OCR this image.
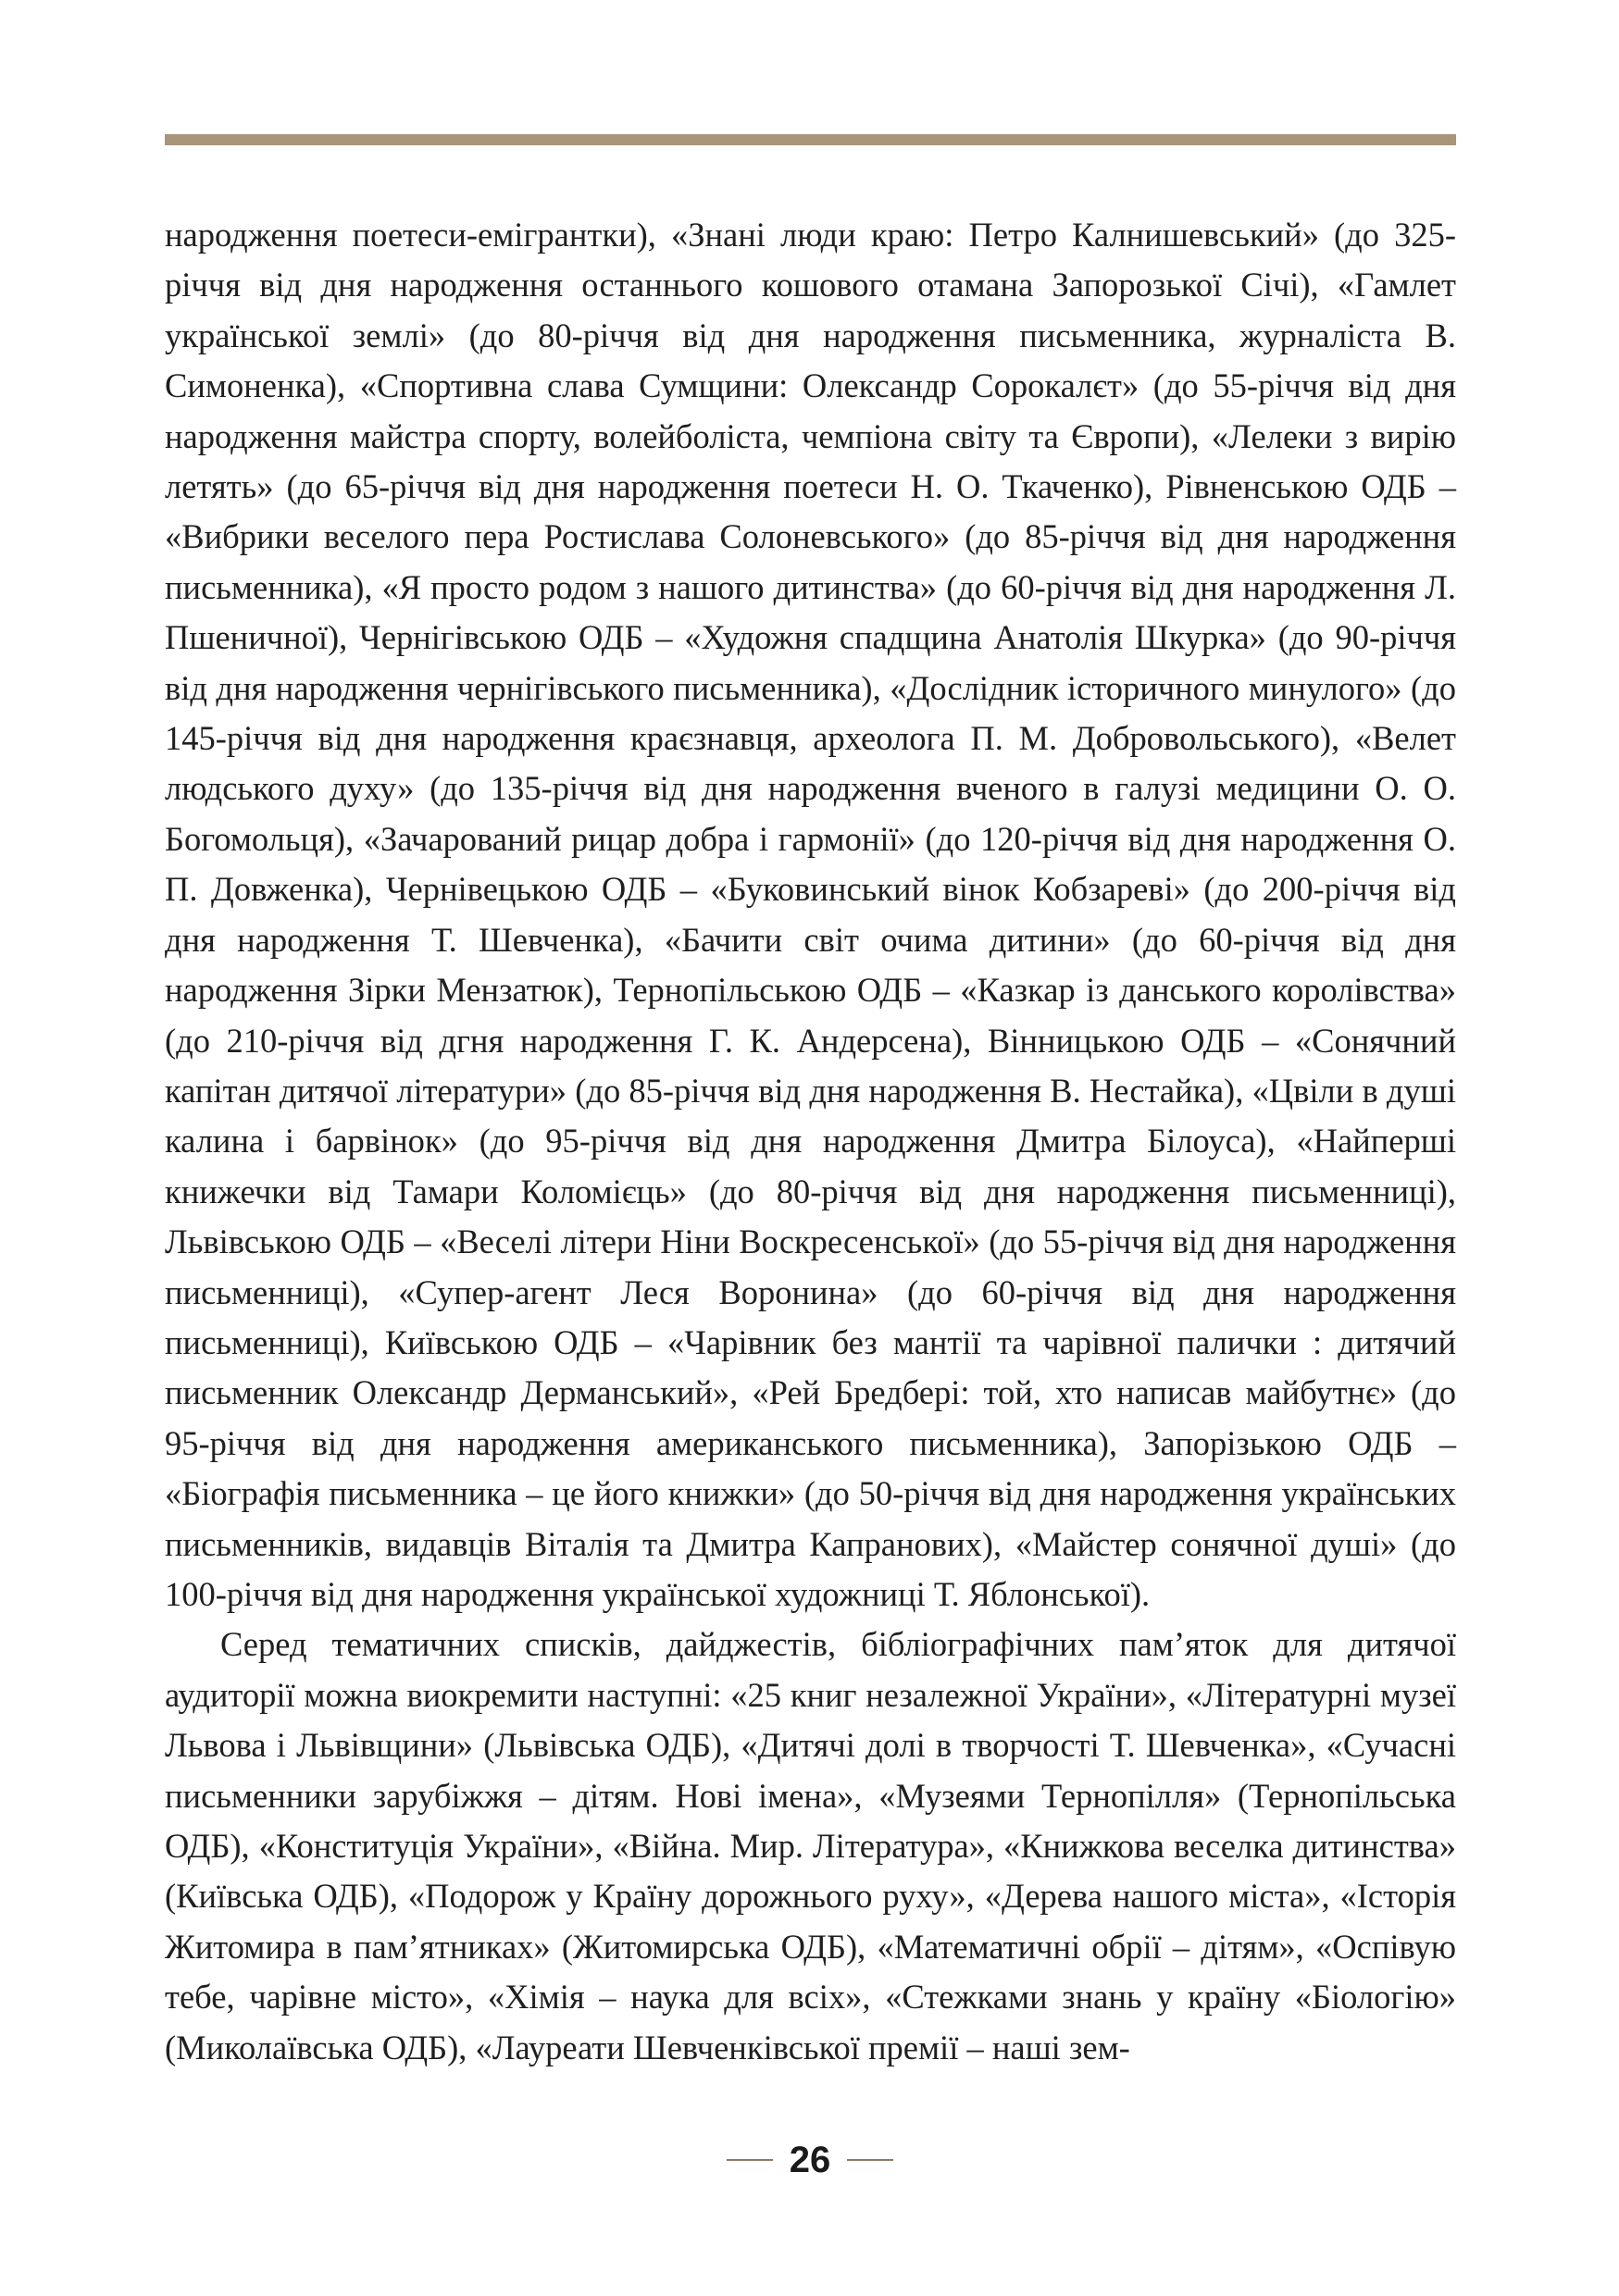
народження поетеси-емігрантки), «Знані люди краю: Петро Калнишевський» (до 325-річчя від дня народження останнього кошового отамана Запорозької Січі), «Гамлет української землі» (до 80-річчя від дня народження письменника, журналіста В. Симоненка), «Спортивна слава Сумщини: Олександр Сорокалєт» (до 55-річчя від дня народження майстра спорту, волейболіста, чемпіона світу та Європи), «Лелеки з вирію летять» (до 65-річчя від дня народження поетеси Н. О. Ткаченко), Рівненською ОДБ – «Вибрики веселого пера Ростислава Солоневського» (до 85-річчя від дня народження письменника), «Я просто родом з нашого дитинства» (до 60-річчя від дня народження Л. Пшеничної), Чернігівською ОДБ – «Художня спадщина Анатолія Шкурка» (до 90-річчя від дня народження чернігівського письменника), «Дослідник історичного минулого» (до 145-річчя від дня народження краєзнавця, археолога П. М. Добровольського), «Велет людського духу» (до 135-річчя від дня народження вченого в галузі медицини О. О. Богомольця), «Зачарований рицар добра і гармонії» (до 120-річчя від дня народження О. П. Довженка), Чернівецькою ОДБ – «Буковинський вінок Кобзареві» (до 200-річчя від дня народження Т. Шевченка), «Бачити світ очима дитини» (до 60-річчя від дня народження Зірки Мензатюк), Тернопільською ОДБ – «Казкар із данського королівства» (до 210-річчя від дгня народження Г. К. Андерсена), Вінницькою ОДБ – «Сонячний капітан дитячої літератури» (до 85-річчя від дня народження В. Нестайка), «Цвіли в душі калина і барвінок» (до 95-річчя від дня народження Дмитра Білоуса), «Найперші книжечки від Тамари Коломієць» (до 80-річчя від дня народження письменниці), Львівською ОДБ – «Веселі літери Ніни Воскресенської» (до 55-річчя від дня народження письменниці), «Супер-агент Леся Воронина» (до 60-річчя від дня народження письменниці), Київською ОДБ – «Чарівник без мантії та чарівної палички : дитячий письменник Олександр Дерманський», «Рей Бредбері: той, хто написав майбутнє» (до 95-річчя від дня народження американського письменника), Запорізькою ОДБ – «Біографія письменника – це його книжки» (до 50-річчя від дня народження українських письменників, видавців Віталія та Дмитра Капранових), «Майстер сонячної душі» (до 100-річчя від дня народження української художниці Т. Яблонської).

Серед тематичних списків, дайджестів, бібліографічних пам’яток для дитячої аудиторії можна виокремити наступні: «25 книг незалежної України», «Літературні музеї Львова і Львівщини» (Львівська ОДБ), «Дитячі долі в творчості Т. Шевченка», «Сучасні письменники зарубіжжя – дітям. Нові імена», «Музеями Тернопілля» (Тернопільська ОДБ), «Конституція України», «Війна. Мир. Література», «Книжкова веселка дитинства» (Київська ОДБ), «Подорож у Країну дорожнього руху», «Дерева нашого міста», «Історія Житомира в пам’ятниках» (Житомирська ОДБ), «Математичні обрії – дітям», «Оспівую тебе, чарівне місто», «Хімія – наука для всіх», «Стежками знань у країну «Біологію» (Миколаївська ОДБ), «Лауреати Шевченківської премії – наші зем-

26
